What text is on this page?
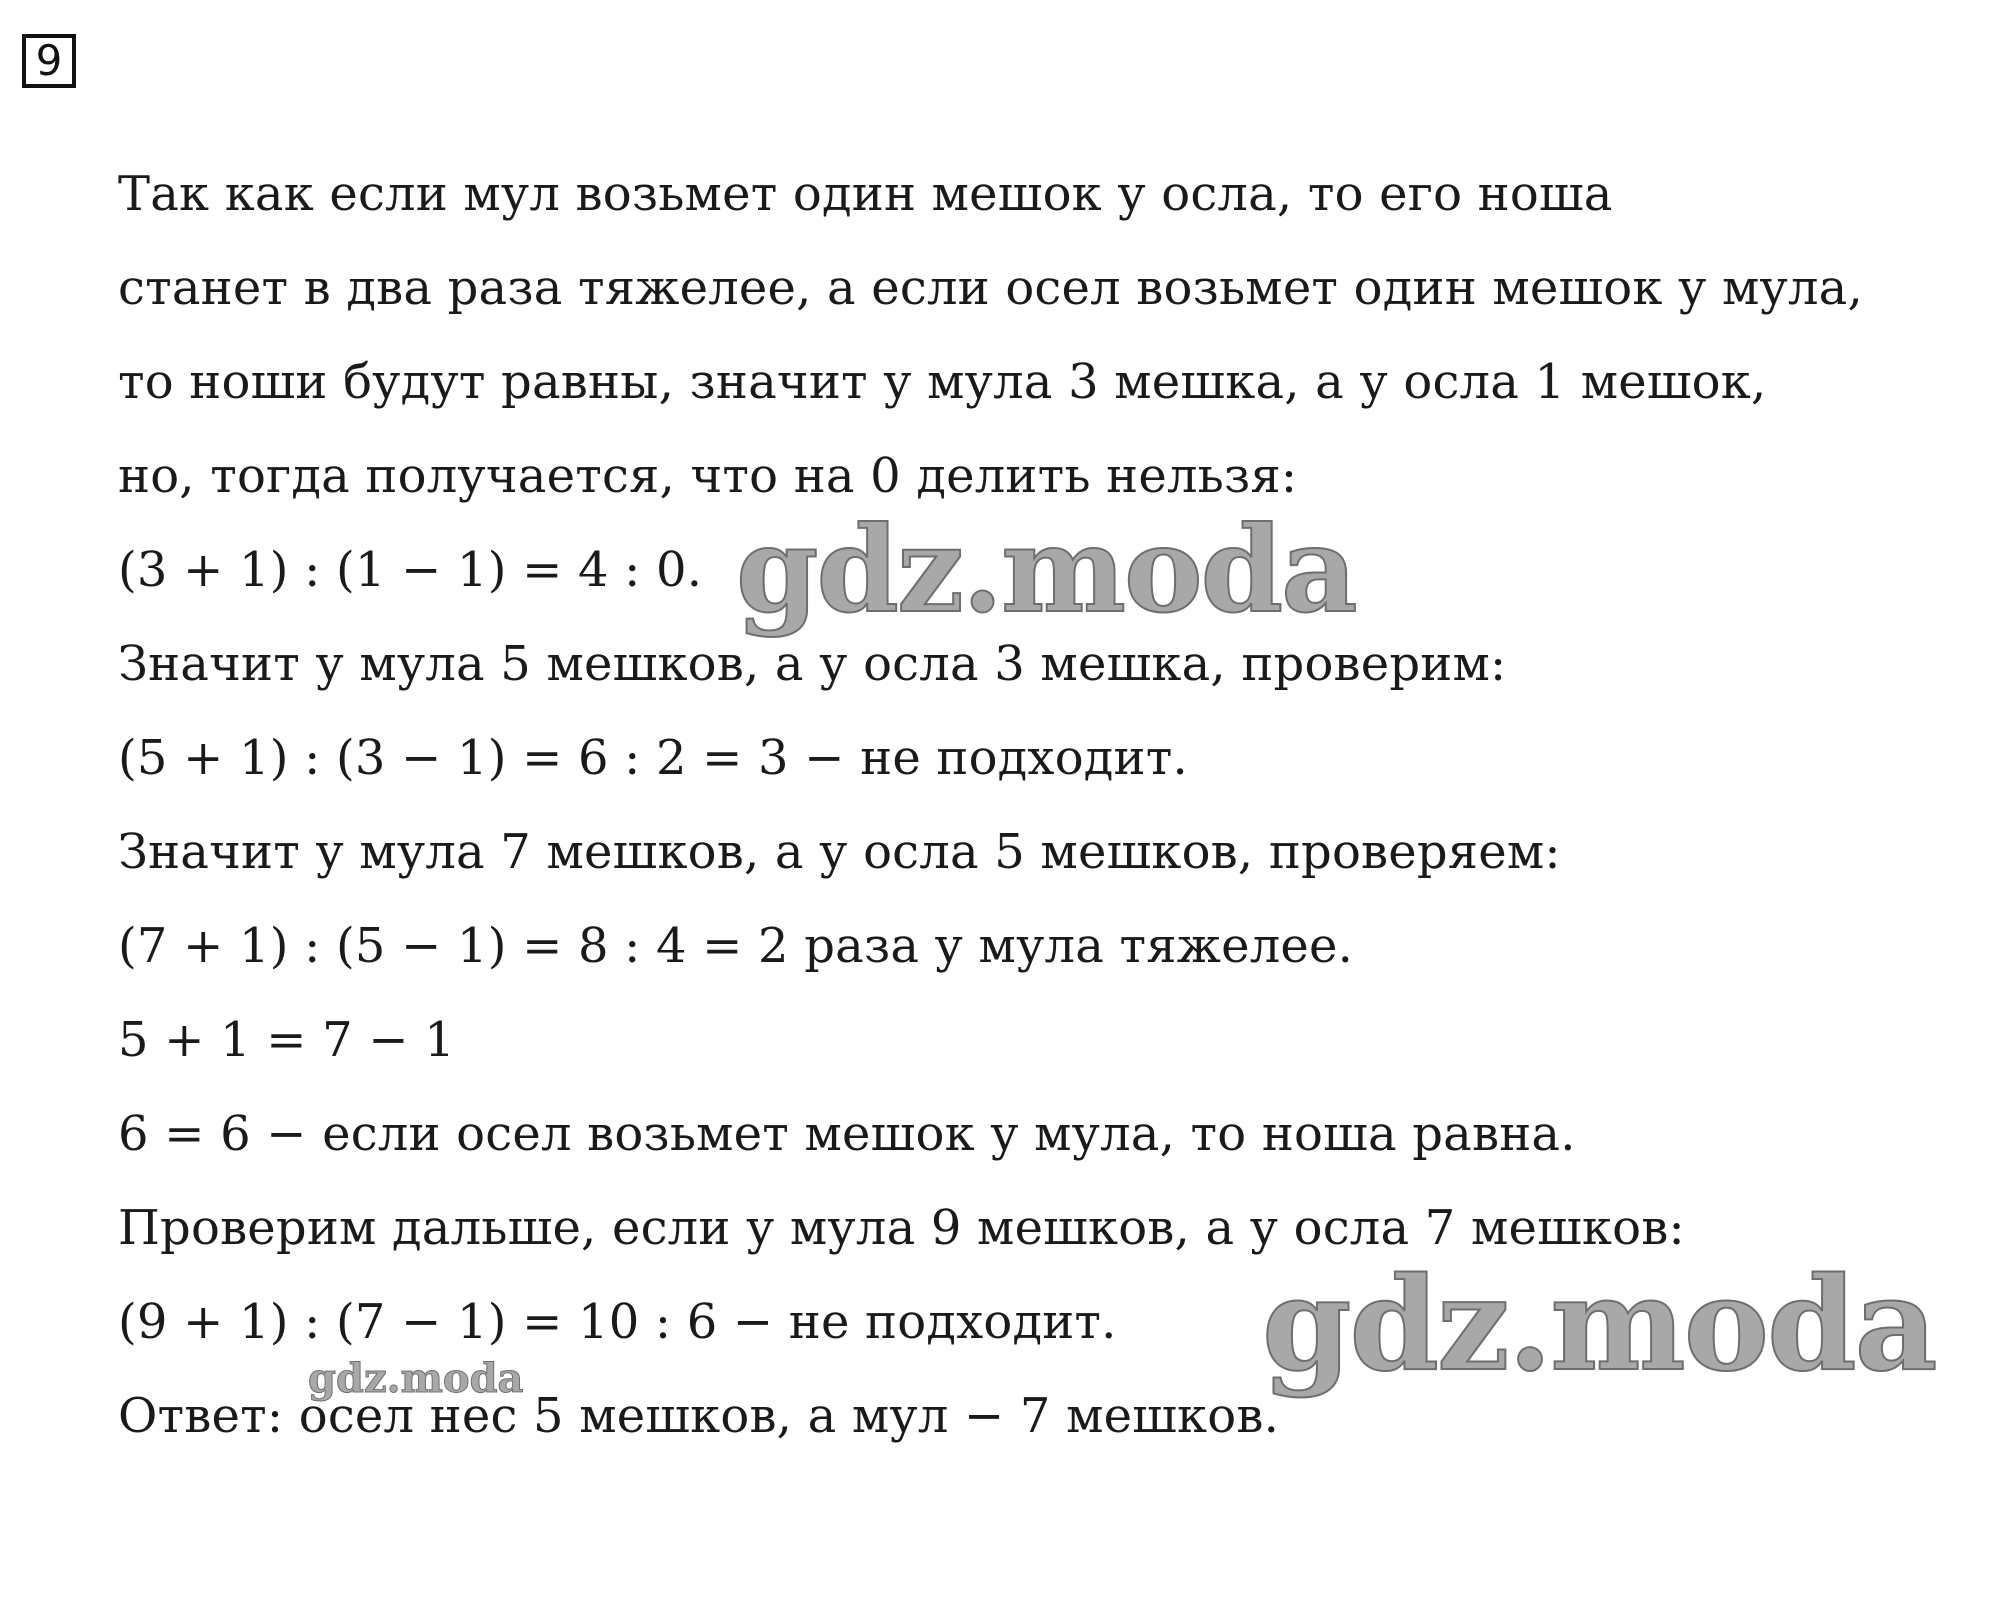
9
Так как если мул возьмет один мешок у осла, то его ноша
станет в два раза тяжелее, а если осел возьмет один мешок у мула,
то ноши будут равны, значит у мула 3 мешка, а у осла 1 мешок,
но, тогда получается, что на 0 делить нельзя:
(3 + 1) : (1 − 1) = 4 : 0.
Значит у мула 5 мешков, а у осла 3 мешка, проверим:
(5 + 1) : (3 − 1) = 6 : 2 = 3 − не подходит.
Значит у мула 7 мешков, а у осла 5 мешков, проверяем:
(7 + 1) : (5 − 1) = 8 : 4 = 2 раза у мула тяжелее.
5 + 1 = 7 − 1
6 = 6 − если осел возьмет мешок у мула, то ноша равна.
Проверим дальше, если у мула 9 мешков, а у осла 7 мешков:
(9 + 1) : (7 − 1) = 10 : 6 − не подходит.
Ответ: осел нес 5 мешков, а мул − 7 мешков.
gdz.moda
gdz.moda
gdz.moda
